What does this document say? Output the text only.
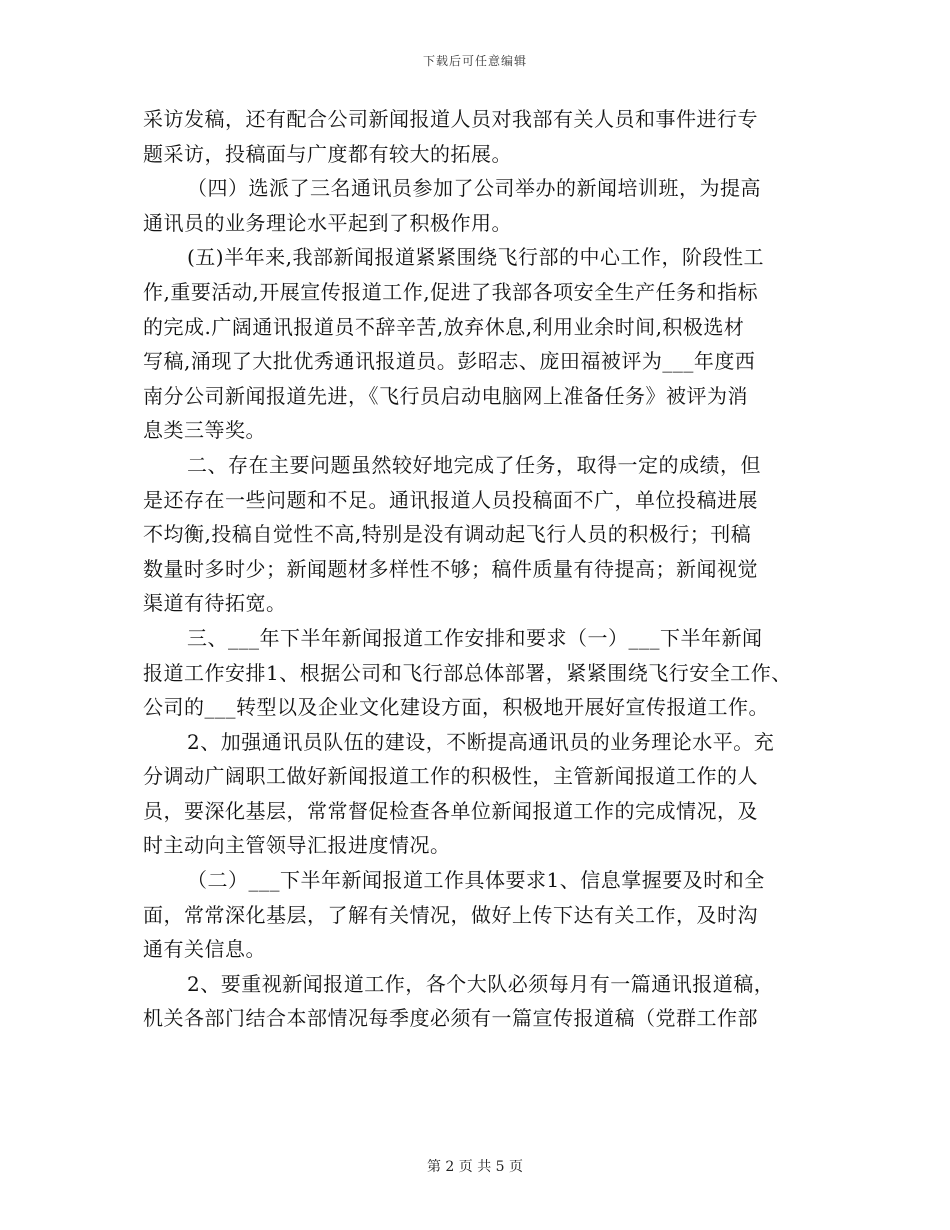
下载后可任意编辑
采访发稿，还有配合公司新闻报道人员对我部有关人员和事件进行专
题采访，投稿面与广度都有较大的拓展。
（四）选派了三名通讯员参加了公司举办的新闻培训班，为提高
通讯员的业务理论水平起到了积极作用。
(五)半年来,我部新闻报道紧紧围绕飞行部的中心工作，阶段性工
作,重要活动,开展宣传报道工作,促进了我部各项安全生产任务和指标
的完成.广阔通讯报道员不辞辛苦,放弃休息,利用业余时间,积极选材
写稿,涌现了大批优秀通讯报道员。彭昭志、庞田福被评为___年度西
南分公司新闻报道先进，《飞行员启动电脑网上准备任务》被评为消
息类三等奖。
二、存在主要问题虽然较好地完成了任务，取得一定的成绩，但
是还存在一些问题和不足。通讯报道人员投稿面不广，单位投稿进展
不均衡,投稿自觉性不高,特别是没有调动起飞行人员的积极行；刊稿
数量时多时少；新闻题材多样性不够；稿件质量有待提高；新闻视觉
渠道有待拓宽。
三、___年下半年新闻报道工作安排和要求（一）___下半年新闻
报道工作安排1、根据公司和飞行部总体部署，紧紧围绕飞行安全工作、
公司的___转型以及企业文化建设方面，积极地开展好宣传报道工作。
2、加强通讯员队伍的建设，不断提高通讯员的业务理论水平。充
分调动广阔职工做好新闻报道工作的积极性，主管新闻报道工作的人
员，要深化基层，常常督促检查各单位新闻报道工作的完成情况，及
时主动向主管领导汇报进度情况。
（二）___下半年新闻报道工作具体要求1、信息掌握要及时和全
面，常常深化基层，了解有关情况，做好上传下达有关工作，及时沟
通有关信息。
2、要重视新闻报道工作，各个大队必须每月有一篇通讯报道稿，
机关各部门结合本部情况每季度必须有一篇宣传报道稿（党群工作部
第 2 页 共 5 页
